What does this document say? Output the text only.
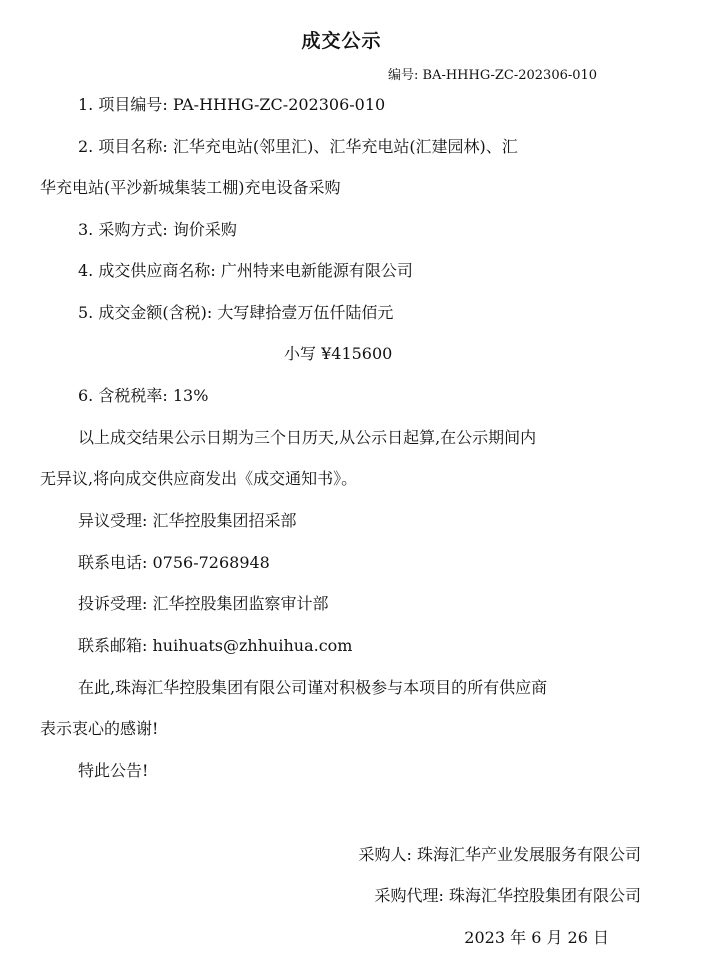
成交公示
编号: BA-HHHG-ZC-202306-010
1. 项目编号: PA-HHHG-ZC-202306-010
2. 项目名称: 汇华充电站(邻里汇)、汇华充电站(汇建园林)、汇
华充电站(平沙新城集装工棚)充电设备采购
3. 采购方式: 询价采购
4. 成交供应商名称: 广州特来电新能源有限公司
5. 成交金额(含税): 大写肆拾壹万伍仟陆佰元
小写 ¥415600
6. 含税税率: 13%
以上成交结果公示日期为三个日历天,从公示日起算,在公示期间内
无异议,将向成交供应商发出《成交通知书》。
异议受理: 汇华控股集团招采部
联系电话: 0756-7268948
投诉受理: 汇华控股集团监察审计部
联系邮箱: huihuats@zhhuihua.com
在此,珠海汇华控股集团有限公司谨对积极参与本项目的所有供应商
表示衷心的感谢!
特此公告!
采购人: 珠海汇华产业发展服务有限公司
采购代理: 珠海汇华控股集团有限公司
2023 年 6 月 26 日
